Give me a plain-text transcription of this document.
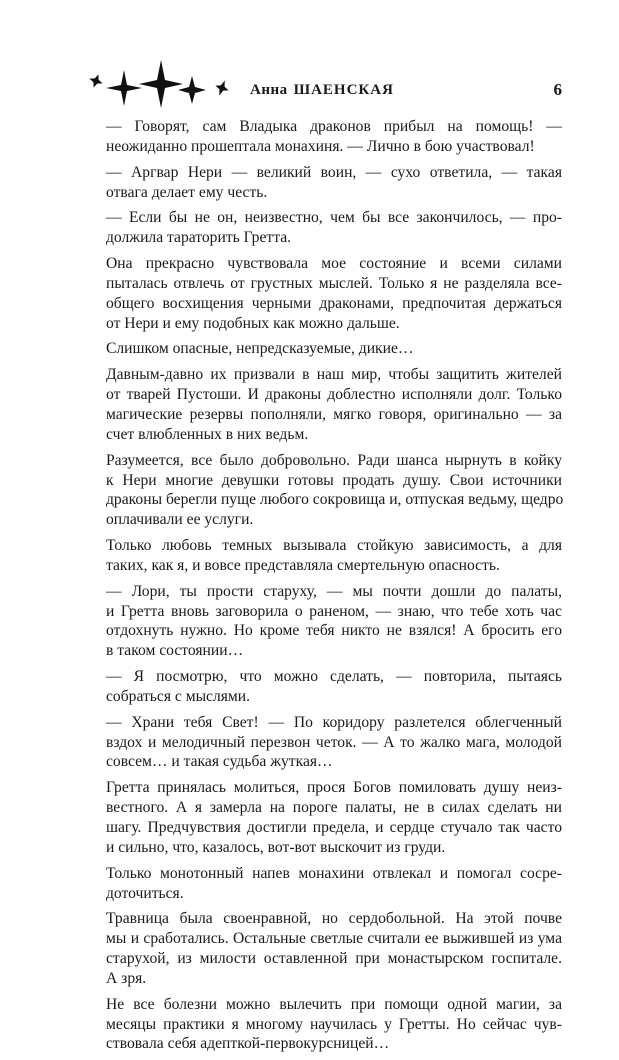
Анна ШАЕНСКАЯ	6

— Говорят, сам Владыка драконов прибыл на помощь! —
неожиданно прошептала монахиня. — Лично в бою участвовал!

— Аргвар Нери — великий воин, — сухо ответила, — такая
отвага делает ему честь.

— Если бы не он, неизвестно, чем бы все закончилось, — про-
должила тараторить Гретта.

Она прекрасно чувствовала мое состояние и всеми силами
пыталась отвлечь от грустных мыслей. Только я не разделяла все-
общего восхищения черными драконами, предпочитая держаться
от Нери и ему подобных как можно дальше.

Слишком опасные, непредсказуемые, дикие…

Давным-давно их призвали в наш мир, чтобы защитить жителей
от тварей Пустоши. И драконы доблестно исполняли долг. Только
магические резервы пополняли, мягко говоря, оригинально — за
счет влюбленных в них ведьм.

Разумеется, все было добровольно. Ради шанса нырнуть в койку
к Нери многие девушки готовы продать душу. Свои источники
драконы берегли пуще любого сокровища и, отпуская ведьму, щедро
оплачивали ее услуги.

Только любовь темных вызывала стойкую зависимость, а для
таких, как я, и вовсе представляла смертельную опасность.

— Лори, ты прости старуху, — мы почти дошли до палаты,
и Гретта вновь заговорила о раненом, — знаю, что тебе хоть час
отдохнуть нужно. Но кроме тебя никто не взялся! А бросить его
в таком состоянии…

— Я посмотрю, что можно сделать, — повторила, пытаясь
собраться с мыслями.

— Храни тебя Свет! — По коридору разлетелся облегченный
вздох и мелодичный перезвон четок. — А то жалко мага, молодой
совсем… и такая судьба жуткая…

Гретта принялась молиться, прося Богов помиловать душу неиз-
вестного. А я замерла на пороге палаты, не в силах сделать ни
шагу. Предчувствия достигли предела, и сердце стучало так часто
и сильно, что, казалось, вот-вот выскочит из груди.

Только монотонный напев монахини отвлекал и помогал сосре-
доточиться.

Травница была своенравной, но сердобольной. На этой почве
мы и сработались. Остальные светлые считали ее выжившей из ума
старухой, из милости оставленной при монастырском госпитале.
А зря.

Не все болезни можно вылечить при помощи одной магии, за
месяцы практики я многому научилась у Гретты. Но сейчас чув-
ствовала себя адепткой-первокурсницей…
